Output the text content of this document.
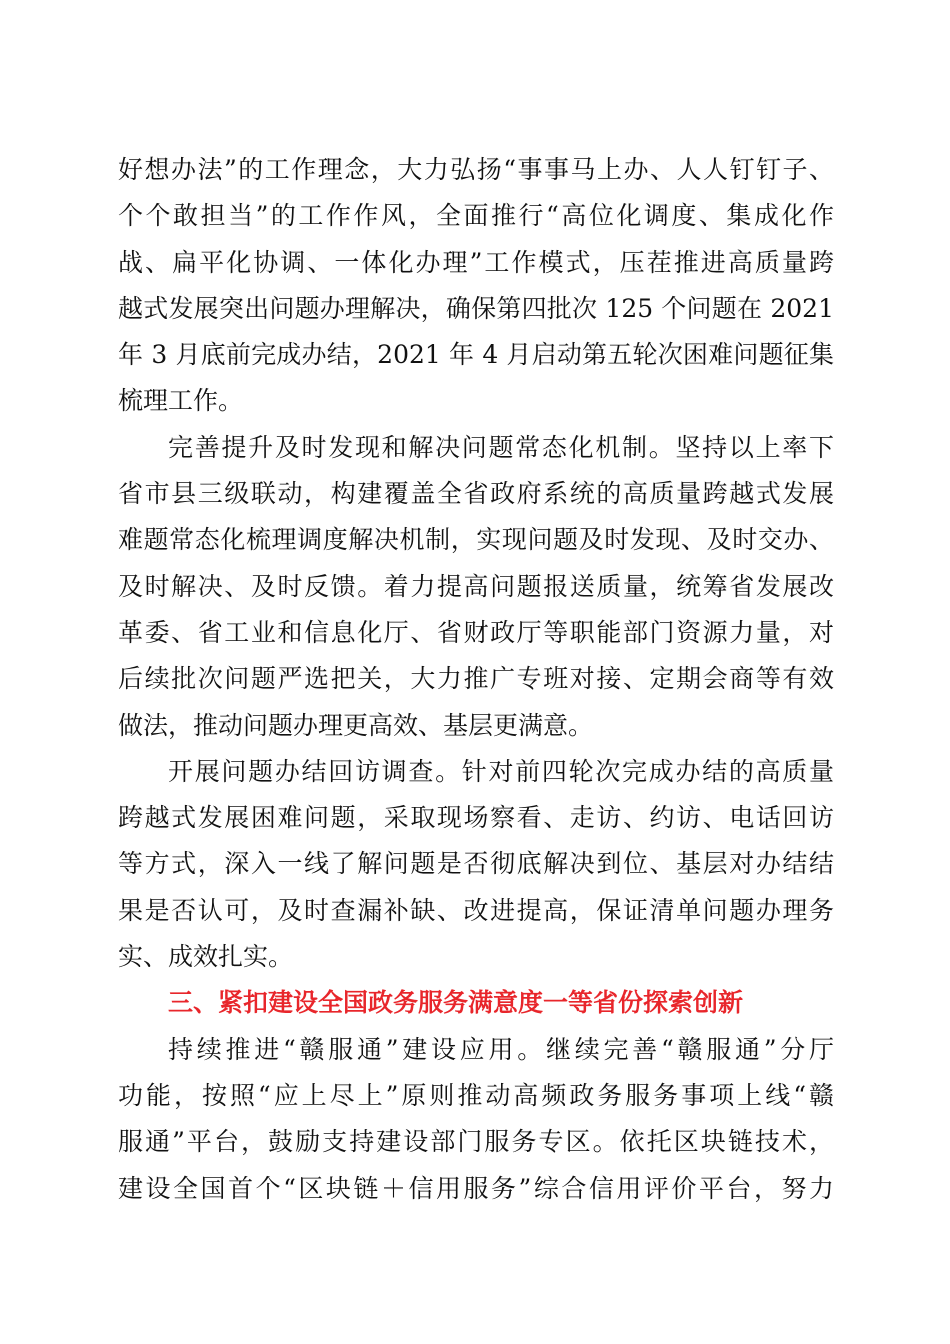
好想办法”的工作理念，大力弘扬“事事马上办、人人钉钉子、
个个敢担当”的工作作风，全面推行“高位化调度、集成化作
战、扁平化协调、一体化办理”工作模式，压茬推进高质量跨
越式发展突出问题办理解决，确保第四批次 125 个问题在 2021
年 3 月底前完成办结，2021 年 4 月启动第五轮次困难问题征集
梳理工作。
完善提升及时发现和解决问题常态化机制。坚持以上率下
省市县三级联动，构建覆盖全省政府系统的高质量跨越式发展
难题常态化梳理调度解决机制，实现问题及时发现、及时交办、
及时解决、及时反馈。着力提高问题报送质量，统筹省发展改
革委、省工业和信息化厅、省财政厅等职能部门资源力量，对
后续批次问题严选把关，大力推广专班对接、定期会商等有效
做法，推动问题办理更高效、基层更满意。
开展问题办结回访调查。针对前四轮次完成办结的高质量
跨越式发展困难问题，采取现场察看、走访、约访、电话回访
等方式，深入一线了解问题是否彻底解决到位、基层对办结结
果是否认可，及时查漏补缺、改进提高，保证清单问题办理务
实、成效扎实。
三、紧扣建设全国政务服务满意度一等省份探索创新
持续推进“赣服通”建设应用。继续完善“赣服通”分厅
功能，按照“应上尽上”原则推动高频政务服务事项上线“赣
服通”平台，鼓励支持建设部门服务专区。依托区块链技术，
建设全国首个“区块链＋信用服务”综合信用评价平台，努力
